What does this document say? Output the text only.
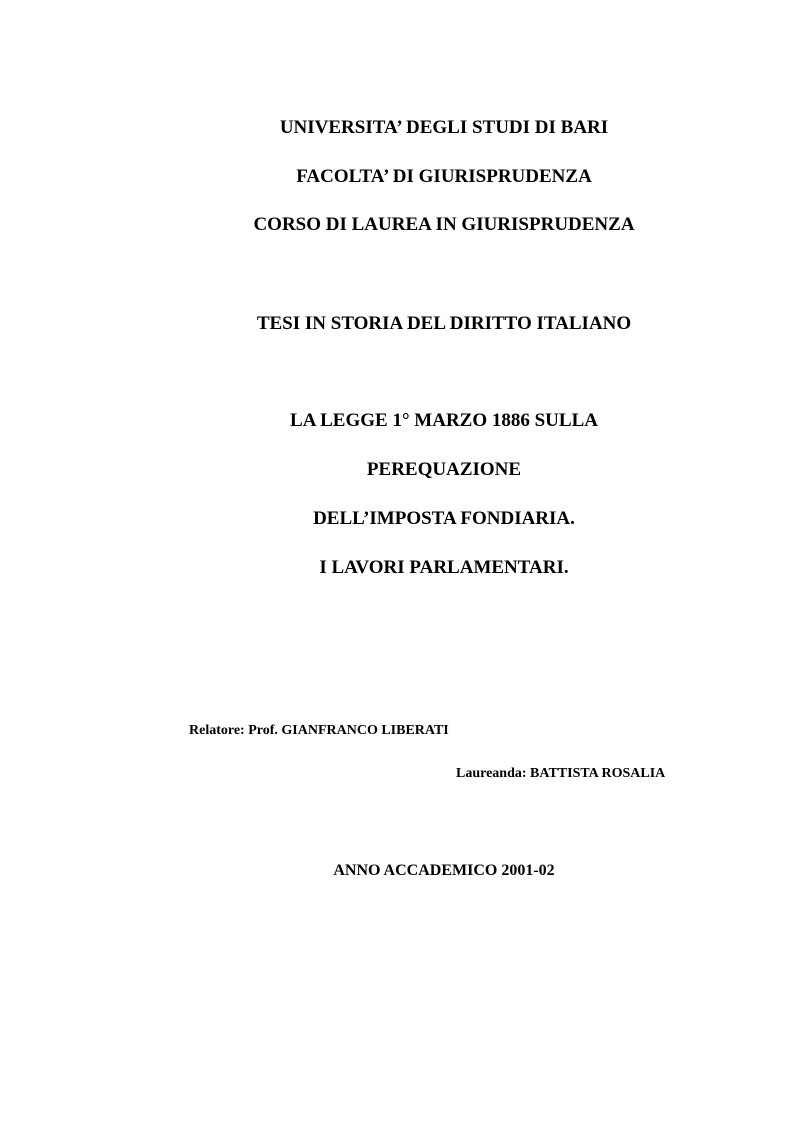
UNIVERSITA’ DEGLI STUDI DI BARI
FACOLTA’ DI GIURISPRUDENZA
CORSO DI LAUREA IN GIURISPRUDENZA
TESI IN STORIA DEL DIRITTO ITALIANO
LA LEGGE 1° MARZO 1886 SULLA
PEREQUAZIONE
DELL’IMPOSTA FONDIARIA.
I LAVORI PARLAMENTARI.
Relatore: Prof. GIANFRANCO LIBERATI
Laureanda: BATTISTA ROSALIA
ANNO ACCADEMICO 2001-02
